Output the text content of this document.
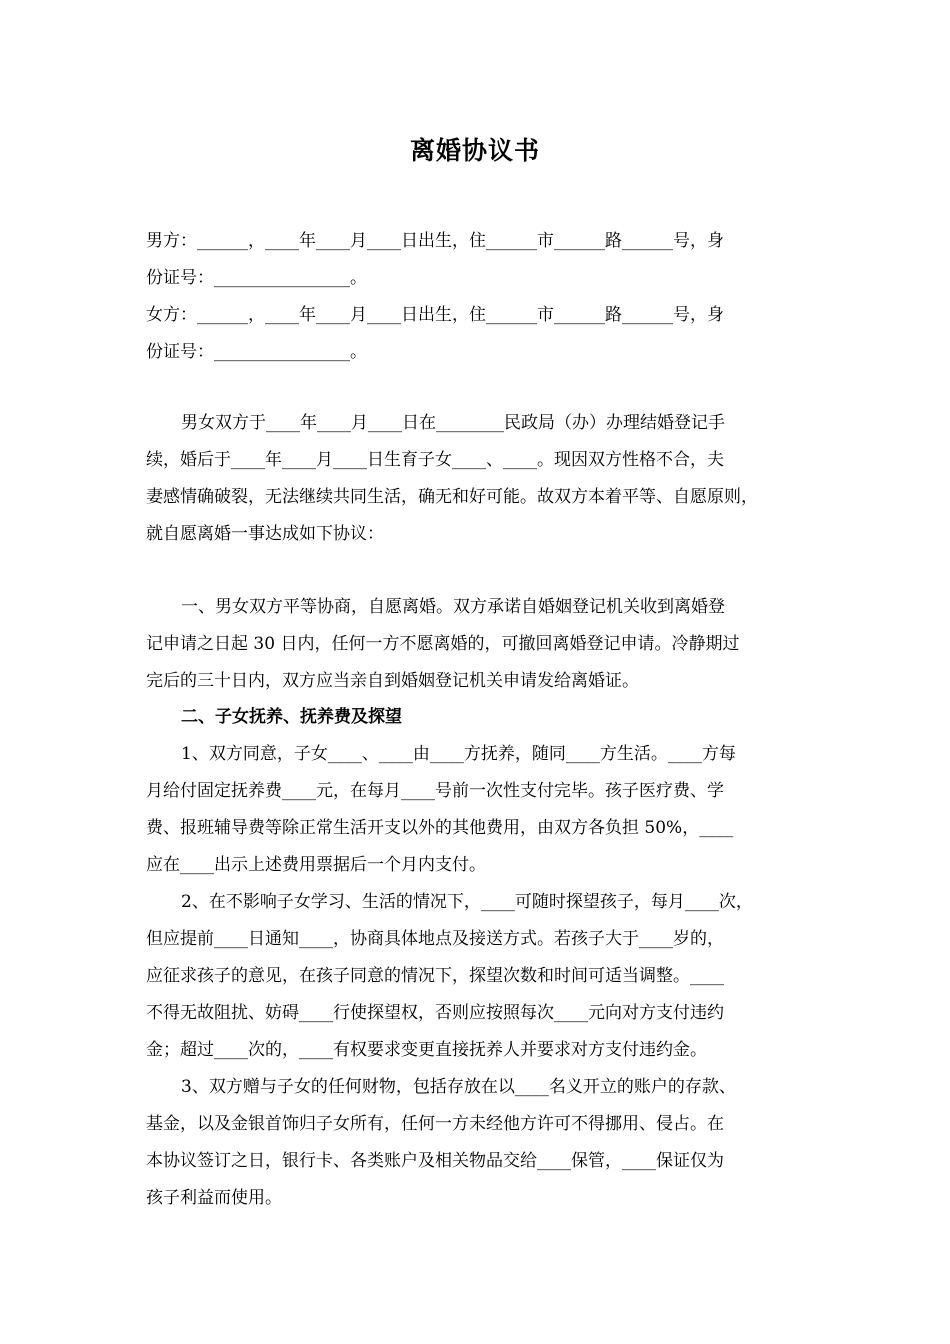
离婚协议书
男方：______，____年____月____日出生，住______市______路______号，身
份证号：________________。
女方：______，____年____月____日出生，住______市______路______号，身
份证号：________________。
男女双方于____年____月____日在________民政局（办）办理结婚登记手
续，婚后于____年____月____日生育子女____、____。现因双方性格不合，夫
妻感情确破裂，无法继续共同生活，确无和好可能。故双方本着平等、自愿原则，
就自愿离婚一事达成如下协议：
一、男女双方平等协商，自愿离婚。双方承诺自婚姻登记机关收到离婚登
记申请之日起 30 日内，任何一方不愿离婚的，可撤回离婚登记申请。冷静期过
完后的三十日内，双方应当亲自到婚姻登记机关申请发给离婚证。
二、子女抚养、抚养费及探望
1、双方同意，子女____、____由____方抚养，随同____方生活。____方每
月给付固定抚养费____元，在每月____号前一次性支付完毕。孩子医疗费、学
费、报班辅导费等除正常生活开支以外的其他费用，由双方各负担 50%，____
应在____出示上述费用票据后一个月内支付。
2、在不影响子女学习、生活的情况下，____可随时探望孩子，每月____次，
但应提前____日通知____，协商具体地点及接送方式。若孩子大于____岁的，
应征求孩子的意见，在孩子同意的情况下，探望次数和时间可适当调整。____
不得无故阻扰、妨碍____行使探望权，否则应按照每次____元向对方支付违约
金；超过____次的，____有权要求变更直接抚养人并要求对方支付违约金。
3、双方赠与子女的任何财物，包括存放在以____名义开立的账户的存款、
基金，以及金银首饰归子女所有，任何一方未经他方许可不得挪用、侵占。在
本协议签订之日，银行卡、各类账户及相关物品交给____保管，____保证仅为
孩子利益而使用。
